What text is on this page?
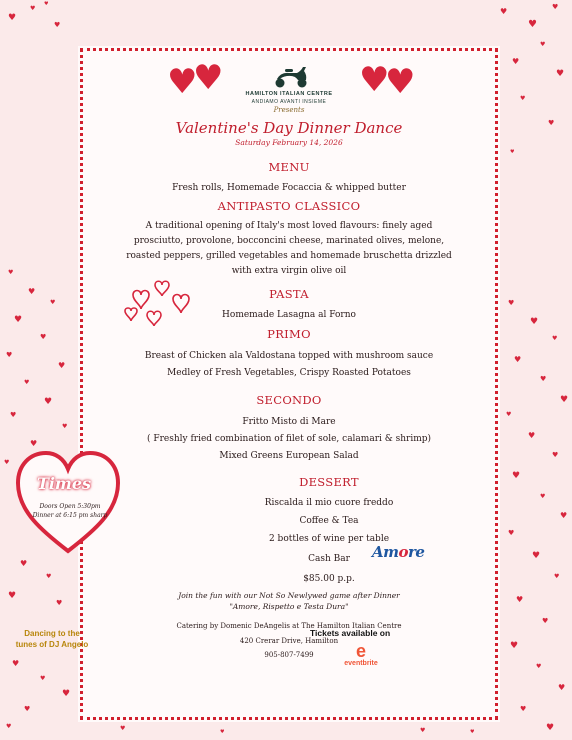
♥
♥
♥
♥
♥
♥
♥
♥
♥
♥
♥
♥
♥
♥
♥
♥
♥
♥
♥
♥
♥
♥
♥
♥
♥
♥
♥
♥
♥
♥
♥
♥
♥
♥
♥
♥
♥
♥
♥
♥
♥
♥
♥
♥
♥
♥
♥
♥
♥
♥
♥
♥
♥
♥
♥
♥
♥
♥	♥	♥	♥
♥
♥	♥
♥
HAMILTON ITALIAN CENTRE
ANDIAMO AVANTI INSIEME
Presents
Valentine's Day Dinner Dance
Saturday February 14, 2026
MENU
Fresh rolls, Homemade Focaccia & whipped butter
ANTIPASTO CLASSICO
A traditional opening of Italy's most loved flavours: finely aged
prosciutto, provolone, bocconcini cheese, marinated olives, melone,
roasted peppers, grilled vegetables and homemade bruschetta drizzled
with extra virgin olive oil
PASTA
Homemade Lasagna al Forno
PRIMO
Breast of Chicken ala Valdostana topped with mushroom sauce
Medley of Fresh Vegetables, Crispy Roasted Potatoes
SECONDO
Fritto Misto di Mare
( Freshly fried combination of filet of sole, calamari & shrimp)
Mixed Greens European Salad
DESSERT
Riscalda il mio cuore freddo
Coffee & Tea
2 bottles of wine per table
Cash Bar
$85.00 p.p.
Join the fun with our Not So Newlywed game after Dinner
"Amore, Rispetto e Testa Dura"
Catering by Domenic DeAngelis at The Hamilton Italian Centre
420 Crerar Drive, Hamilton
905-807-7499
Times
Doors Open 5:30pm
Dinner at 6:15 pm sharp
Amore
Dancing to the
tunes of DJ Angelo
Tickets available on
e
eventbrite
